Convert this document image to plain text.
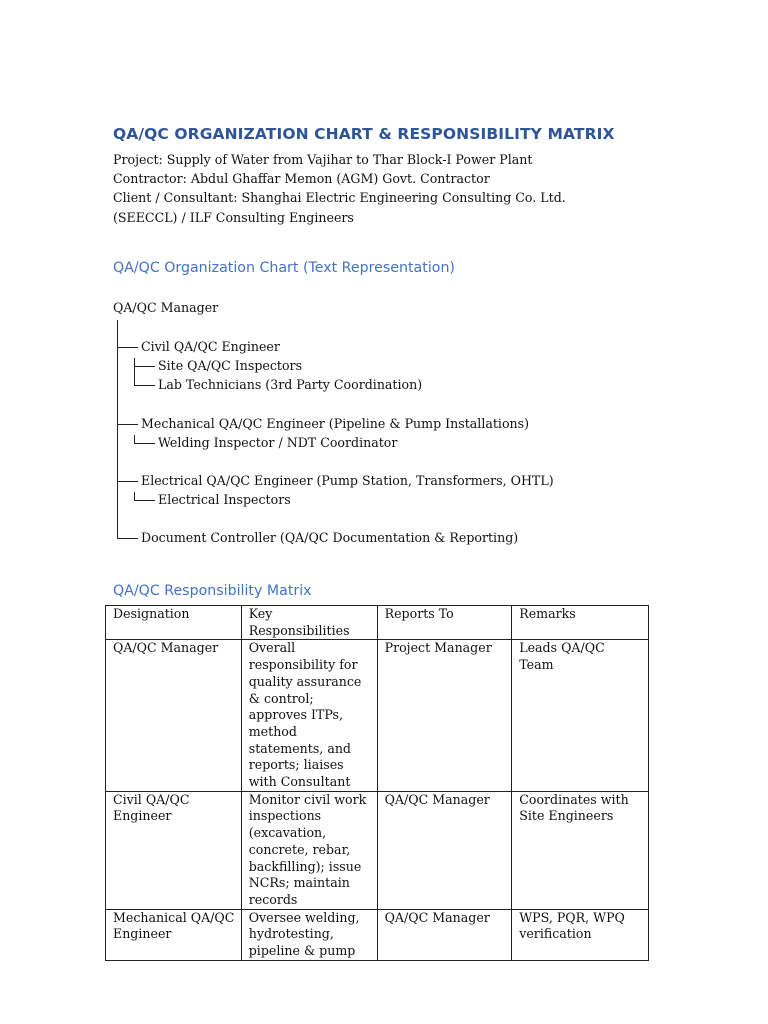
QA/QC ORGANIZATION CHART & RESPONSIBILITY MATRIX
Project: Supply of Water from Vajihar to Thar Block-I Power Plant
Contractor: Abdul Ghaffar Memon (AGM) Govt. Contractor
Client / Consultant: Shanghai Electric Engineering Consulting Co. Ltd. (SEECCL) / ILF Consulting Engineers
QA/QC Organization Chart (Text Representation)
QA/QC Manager
Civil QA/QC Engineer
Site QA/QC Inspectors
Lab Technicians (3rd Party Coordination)
Mechanical QA/QC Engineer (Pipeline & Pump Installations)
Welding Inspector / NDT Coordinator
Electrical QA/QC Engineer (Pump Station, Transformers, OHTL)
Electrical Inspectors
Document Controller (QA/QC Documentation & Reporting)
QA/QC Responsibility Matrix
Designation	Key Responsibilities	Reports To	Remarks
QA/QC Manager	Overall responsibility for quality assurance & control; approves ITPs, method statements, and reports; liaises with Consultant	Project Manager	Leads QA/QC Team
Civil QA/QC Engineer	Monitor civil work inspections (excavation, concrete, rebar, backfilling); issue NCRs; maintain records	QA/QC Manager	Coordinates with Site Engineers
Mechanical QA/QC Engineer	Oversee welding, hydrotesting, pipeline & pump	QA/QC Manager	WPS, PQR, WPQ verification
